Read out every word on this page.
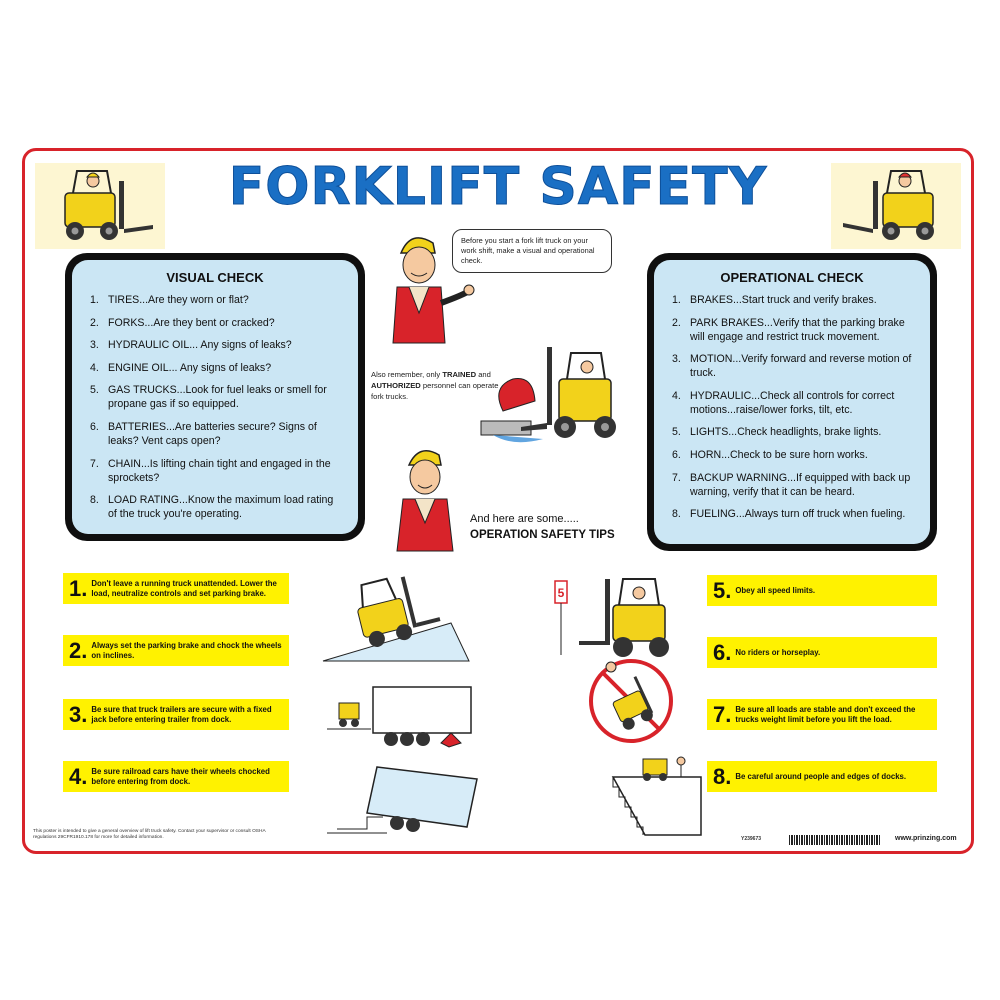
FORKLIFT SAFETY
VISUAL CHECK
1. TIRES...Are they worn or flat?
2. FORKS...Are they bent or cracked?
3. HYDRAULIC OIL... Any signs of leaks?
4. ENGINE OIL... Any signs of leaks?
5. GAS TRUCKS...Look for fuel leaks or smell for propane gas if so equipped.
6. BATTERIES...Are batteries secure? Signs of leaks? Vent caps open?
7. CHAIN...Is lifting chain tight and engaged in the sprockets?
8. LOAD RATING...Know the maximum load rating of the truck you're operating.
OPERATIONAL CHECK
1. BRAKES...Start truck and verify brakes.
2. PARK BRAKES...Verify that the parking brake will engage and restrict truck movement.
3. MOTION...Verify forward and reverse motion of truck.
4. HYDRAULIC...Check all controls for correct motions...raise/lower forks, tilt, etc.
5. LIGHTS...Check headlights, brake lights.
6. HORN...Check to be sure horn works.
7. BACKUP WARNING...If equipped with back up warning, verify that it can be heard.
8. FUELING...Always turn off truck when fueling.
Before you start a fork lift truck on your work shift, make a visual and operational check.
Also remember, only TRAINED and AUTHORIZED personnel can operate fork trucks.
And here are some.....
OPERATION SAFETY TIPS
1. Don't leave a running truck unattended. Lower the load, neutralize controls and set parking brake.
2. Always set the parking brake and chock the wheels on inclines.
3. Be sure that truck trailers are secure with a fixed jack before entering trailer from dock.
4. Be sure railroad cars have their wheels chocked before entering from dock.
5. Obey all speed limits.
6. No riders or horseplay.
7. Be sure all loads are stable and don't exceed the trucks weight limit before you lift the load.
8. Be careful around people and edges of docks.
5
This poster is intended to give a general overview of lift truck safety. Contact your supervisor or consult OSHA regulations 29CFR1910.178 for more for detailed information.	Y239673	www.prinzing.com
